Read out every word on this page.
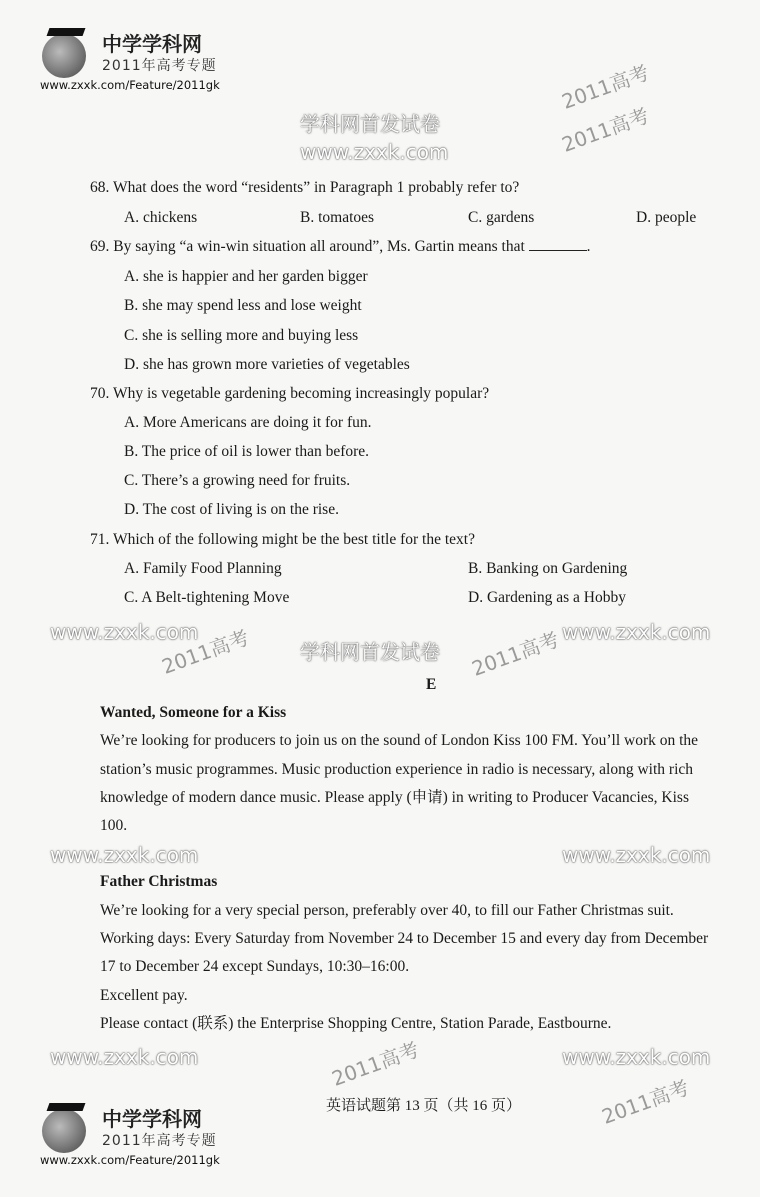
中学学科网
2011年高考专题
www.zxxk.com/Feature/2011gk
68. What does the word “residents” in Paragraph 1 probably refer to?
A. chickens	B. tomatoes	C. gardens	D. people
69. By saying “a win-win situation all around”, Ms. Gartin means that	.
A. she is happier and her garden bigger
B. she may spend less and lose weight
C. she is selling more and buying less
D. she has grown more varieties of vegetables
70. Why is vegetable gardening becoming increasingly popular?
A. More Americans are doing it for fun.
B. The price of oil is lower than before.
C. There’s a growing need for fruits.
D. The cost of living is on the rise.
71. Which of the following might be the best title for the text?
A. Family Food Planning	B. Banking on Gardening
C. A Belt-tightening Move	D. Gardening as a Hobby
E
Wanted, Someone for a Kiss
We’re looking for producers to join us on the sound of London Kiss 100 FM. You’ll work on the
station’s music programmes. Music production experience in radio is necessary, along with rich
knowledge of modern dance music. Please apply (申请) in writing to Producer Vacancies, Kiss
100.
Father Christmas
We’re looking for a very special person, preferably over 40, to fill our Father Christmas suit.
Working days: Every Saturday from November 24 to December 15 and every day from December
17 to December 24 except Sundays, 10:30–16:00.
Excellent pay.
Please contact (联系) the Enterprise Shopping Centre, Station Parade, Eastbourne.
英语试题第 13 页（共 16 页）
中学学科网
2011年高考专题
www.zxxk.com/Feature/2011gk
学科网首发试卷
www.zxxk.com
学科网首发试卷
www.zxxk.com	www.zxxk.com
www.zxxk.com	www.zxxk.com
www.zxxk.com	www.zxxk.com
2011高考
2011高考
2011高考	2011高考
2011高考
2011高考
